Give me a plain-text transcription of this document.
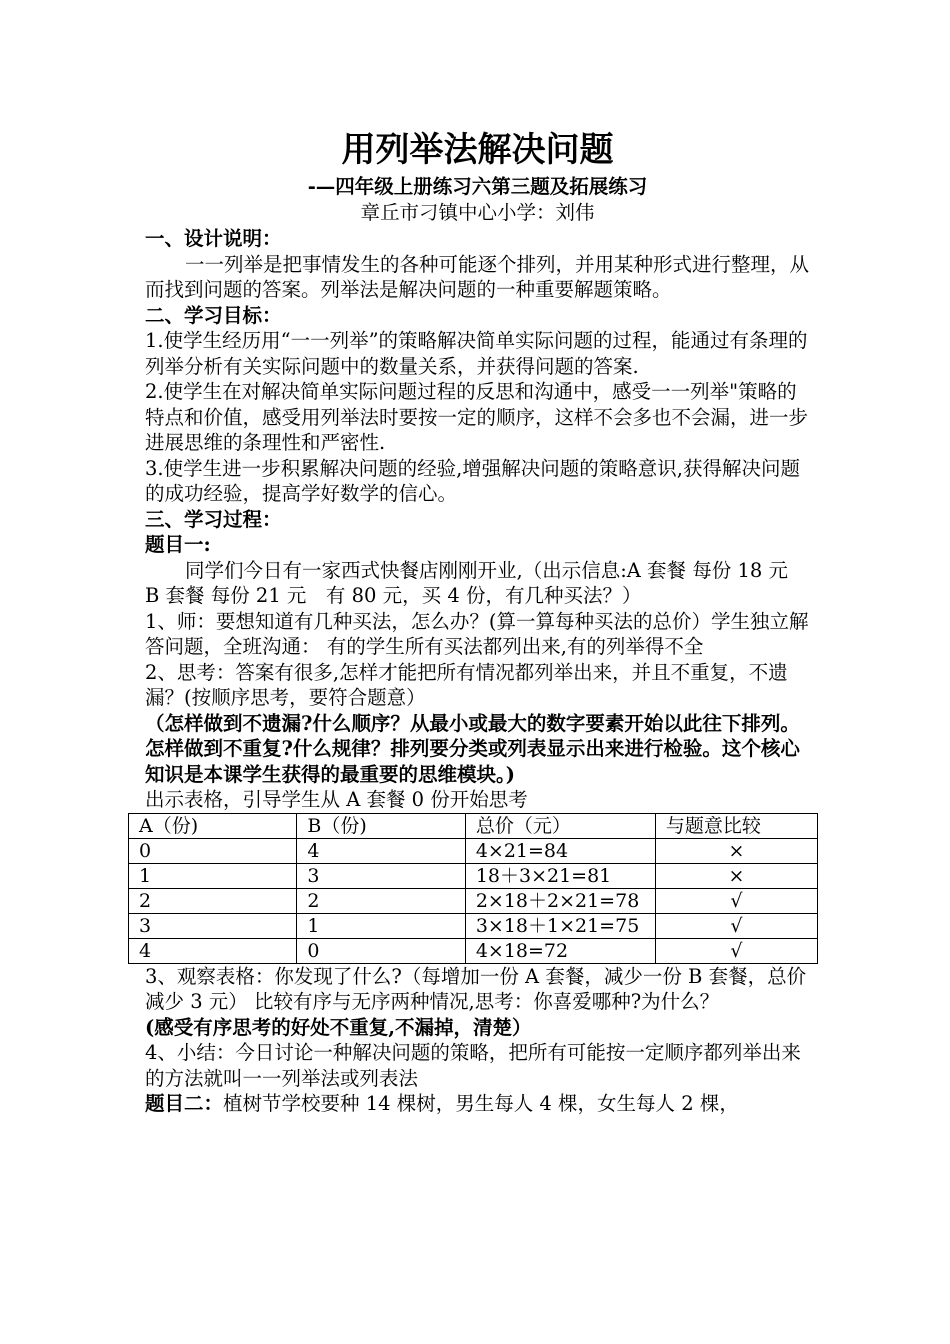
用列举法解决问题
-—四年级上册练习六第三题及拓展练习
章丘市刁镇中心小学：刘伟

一、设计说明：

一一列举是把事情发生的各种可能逐个排列，并用某种形式进行整理，从而找到问题的答案。列举法是解决问题的一种重要解题策略。

二、学习目标：

1.使学生经历用“一一列举”的策略解决简单实际问题的过程，能通过有条理的列举分析有关实际问题中的数量关系，并获得问题的答案.

2.使学生在对解决简单实际问题过程的反思和沟通中，感受一一列举"策略的特点和价值，感受用列举法时要按一定的顺序，这样不会多也不会漏，进一步进展思维的条理性和严密性.

3.使学生进一步积累解决问题的经验,增强解决问题的策略意识,获得解决问题的成功经验，提高学好数学的信心。

三、学习过程：

题目一:

同学们今日有一家西式快餐店刚刚开业,（出示信息:A 套餐 每份 18 元　 B 套餐 每份 21 元　有 80 元，买 4 份，有几种买法？）

1、师：要想知道有几种买法，怎么办？(算一算每种买法的总价）学生独立解答问题，全班沟通： 有的学生所有买法都列出来,有的列举得不全

2、思考：答案有很多,怎样才能把所有情况都列举出来，并且不重复，不遗漏？(按顺序思考，要符合题意）

（怎样做到不遗漏?什么顺序？从最小或最大的数字要素开始以此往下排列。怎样做到不重复?什么规律？排列要分类或列表显示出来进行检验。这个核心知识是本课学生获得的最重要的思维模块。)

出示表格，引导学生从 A 套餐 0 份开始思考

A（份)	B（份)	总价（元）	与题意比较
0	4	4×21=84	×
1	3	18＋3×21=81	×
2	2	2×18＋2×21=78	√
3	1	3×18＋1×21=75	√
4	0	4×18=72	√

3、观察表格：你发现了什么?（每增加一份 A 套餐，减少一份 B 套餐，总价减少 3 元） 比较有序与无序两种情况,思考：你喜爱哪种?为什么？

(感受有序思考的好处不重复,不漏掉，清楚）

4、小结：今日讨论一种解决问题的策略，把所有可能按一定顺序都列举出来的方法就叫一一列举法或列表法

题目二：植树节学校要种 14 棵树，男生每人 4 棵，女生每人 2 棵，
